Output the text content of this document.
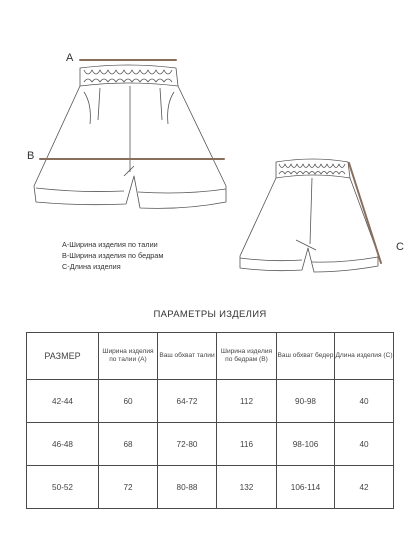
A
B
C
А-Ширина изделия по талии
В-Ширина изделия по бедрам
С-Длина изделия
ПАРАМЕТРЫ ИЗДЕЛИЯ
РАЗМЕР	Ширина изделия по талии (А)	Ваш обхват талии	Ширина изделия по бедрам (В)	Ваш обхват бедер	Длина изделия (С)
42-44	60	64-72	112	90-98	40
46-48	68	72-80	116	98-106	40
50-52	72	80-88	132	106-114	42
